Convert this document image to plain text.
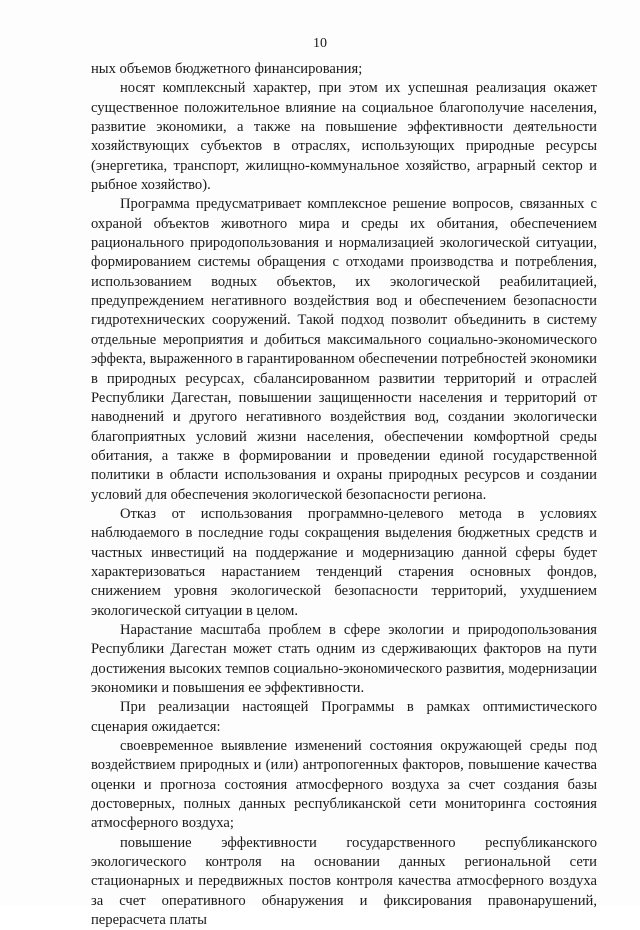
10

ных объемов бюджетного финансирования;

носят комплексный характер, при этом их успешная реализация окажет существенное положительное влияние на социальное благополучие населения, развитие экономики, а также на повышение эффективности деятельности хозяйствующих субъектов в отраслях, использующих природные ресурсы (энергетика, транспорт, жилищно-коммунальное хозяйство, аграрный сектор и рыбное хозяйство).

Программа предусматривает комплексное решение вопросов, связанных с охраной объектов животного мира и среды их обитания, обеспечением рационального природопользования и нормализацией экологической ситуации, формированием системы обращения с отходами производства и потребления, использованием водных объектов, их экологической реабилитацией, предупреждением негативного воздействия вод и обеспечением безопасности гидротехнических сооружений. Такой подход позволит объединить в систему отдельные мероприятия и добиться максимального социально-экономического эффекта, выраженного в гарантированном обеспечении потребностей экономики в природных ресурсах, сбалансированном развитии территорий и отраслей Республики Дагестан, повышении защищенности населения и территорий от наводнений и другого негативного воздействия вод, создании экологически благоприятных условий жизни населения, обеспечении комфортной среды обитания, а также в формировании и проведении единой государственной политики в области использования и охраны природных ресурсов и создании условий для обеспечения экологической безопасности региона.

Отказ от использования программно-целевого метода в условиях наблюдаемого в последние годы сокращения выделения бюджетных средств и частных инвестиций на поддержание и модернизацию данной сферы будет характеризоваться нарастанием тенденций старения основных фондов, снижением уровня экологической безопасности территорий, ухудшением экологической ситуации в целом.

Нарастание масштаба проблем в сфере экологии и природопользования Республики Дагестан может стать одним из сдерживающих факторов на пути достижения высоких темпов социально-экономического развития, модернизации экономики и повышения ее эффективности.

При реализации настоящей Программы в рамках оптимистического сценария ожидается:

своевременное выявление изменений состояния окружающей среды под воздействием природных и (или) антропогенных факторов, повышение качества оценки и прогноза состояния атмосферного воздуха за счет создания базы достоверных, полных данных республиканской сети мониторинга состояния атмосферного воздуха;

повышение эффективности государственного республиканского экологического контроля на основании данных региональной сети стационарных и передвижных постов контроля качества атмосферного воздуха за счет оперативного обнаружения и фиксирования правонарушений, перерасчета платы
